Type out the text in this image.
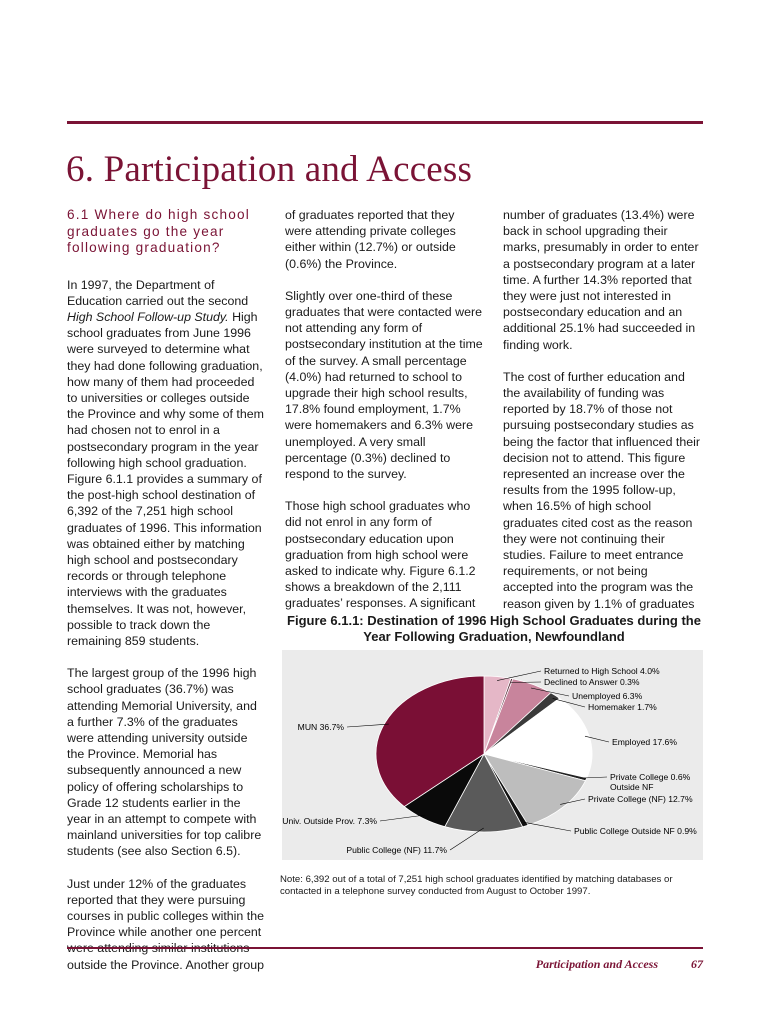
6. Participation and Access
6.1 Where do high school graduates go the year following graduation?

In 1997, the Department of Education carried out the second High School Follow-up Study. High school graduates from June 1996 were surveyed to determine what they had done following graduation, how many of them had proceeded to universities or colleges outside the Province and why some of them had chosen not to enrol in a postsecondary program in the year following high school graduation. Figure 6.1.1 provides a summary of the post-high school destination of 6,392 of the 7,251 high school graduates of 1996. This information was obtained either by matching high school and postsecondary records or through telephone interviews with the graduates themselves. It was not, however, possible to track down the remaining 859 students.

The largest group of the 1996 high school graduates (36.7%) was attending Memorial University, and a further 7.3% of the graduates were attending university outside the Province. Memorial has subsequently announced a new policy of offering scholarships to Grade 12 students earlier in the year in an attempt to compete with mainland universities for top calibre students (see also Section 6.5).

Just under 12% of the graduates reported that they were pursuing courses in public colleges within the Province while another one percent outside the Province. Another group

of graduates reported that they were attending private colleges either within (12.7%) or outside (0.6%) the Province.

Slightly over one-third of these graduates that were contacted were not attending any form of postsecondary institution at the time of the survey. A small percentage (4.0%) had returned to school to upgrade their high school results, 17.8% found employment, 1.7% were homemakers and 6.3% were unemployed. A very small percentage (0.3%) declined to respond to the survey.

Those high school graduates who did not enrol in any form of postsecondary education upon graduation from high school were asked to indicate why. Figure 6.1.2 shows a breakdown of the 2,111 graduates’ responses. A significant

number of graduates (13.4%) were back in school upgrading their marks, presumably in order to enter a postsecondary program at a later time. A further 14.3% reported that they were just not interested in postsecondary education and an additional 25.1% had succeeded in finding work.

The cost of further education and the availability of funding was reported by 18.7% of those not pursuing postsecondary studies as being the factor that influenced their decision not to attend. This figure represented an increase over the results from the 1995 follow-up, when 16.5% of high school graduates cited cost as the reason they were not continuing their studies. Failure to meet entrance requirements, or not being accepted into the program was the reason given by 1.1% of graduates

Figure 6.1.1: Destination of 1996 High School Graduates during the
Year Following Graduation, Newfoundland
Returned to High School 4.0%
Declined to Answer 0.3%
Unemployed 6.3%
Homemaker 1.7%
Employed 17.6%
Private College 0.6% Outside NF
Private College (NF) 12.7%
Public College Outside NF 0.9%
Public College (NF) 11.7%
Univ. Outside Prov. 7.3%
MUN 36.7%
Note: 6,392 out of a total of 7,251 high school graduates identified by matching databases or contacted in a telephone survey conducted from August to October 1997.
Participation and Access	67
